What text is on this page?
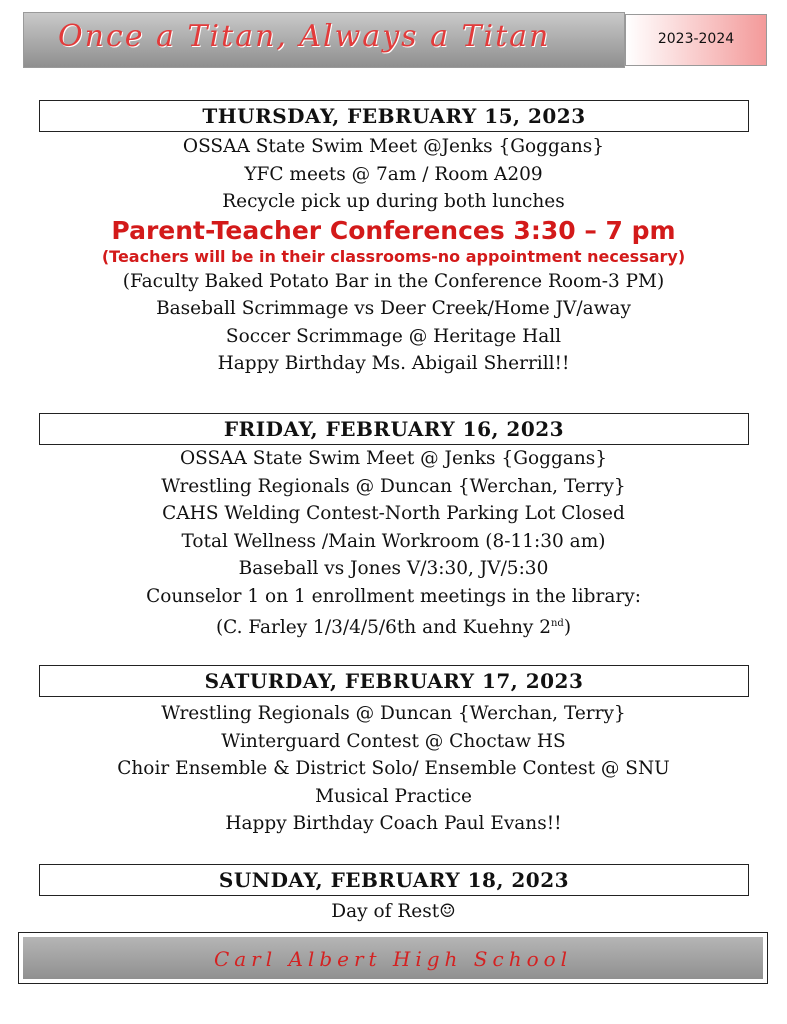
Once a Titan, Always a Titan	2023-2024
THURSDAY, FEBRUARY 15, 2023
OSSAA State Swim Meet @Jenks {Goggans}
YFC meets @ 7am / Room A209
Recycle pick up during both lunches
Parent-Teacher Conferences 3:30 – 7 pm
(Teachers will be in their classrooms-no appointment necessary)
(Faculty Baked Potato Bar in the Conference Room-3 PM)
Baseball Scrimmage vs Deer Creek/Home JV/away
Soccer Scrimmage @ Heritage Hall
Happy Birthday Ms. Abigail Sherrill!!
FRIDAY, FEBRUARY 16, 2023
OSSAA State Swim Meet @ Jenks {Goggans}
Wrestling Regionals @ Duncan {Werchan, Terry}
CAHS Welding Contest-North Parking Lot Closed
Total Wellness /Main Workroom (8-11:30 am)
Baseball vs Jones V/3:30, JV/5:30
Counselor 1 on 1 enrollment meetings in the library:
(C. Farley 1/3/4/5/6th and Kuehny 2nd)
SATURDAY, FEBRUARY 17, 2023
Wrestling Regionals @ Duncan {Werchan, Terry}
Winterguard Contest @ Choctaw HS
Choir Ensemble & District Solo/ Ensemble Contest @ SNU
Musical Practice
Happy Birthday Coach Paul Evans!!
SUNDAY, FEBRUARY 18, 2023
Day of Rest☺
Carl Albert High School
